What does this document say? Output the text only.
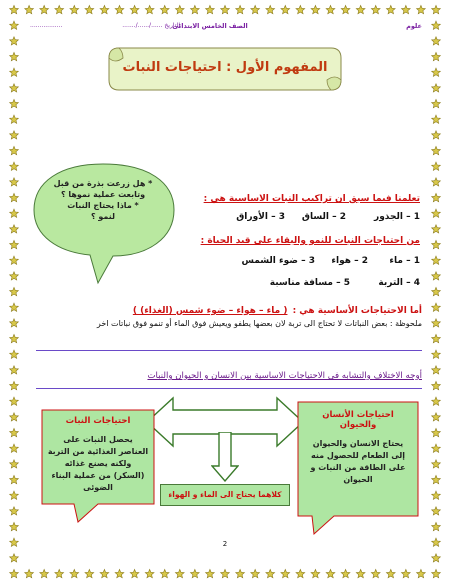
علوم
الصف الخامس الابتدائى
التاريخ ....../....../.......
.................
المفهوم الأول : احتياجات النبات
* هل زرعت بذرة من قبل
وتابعت عملية نموها ؟
* ماذا يحتاج النبات
لنمو ؟
تعلمنا فيما سبق ان تراكيب النبات الاساسية هي :
1 – الجذور
2 – الساق
3 – الأوراق
من احتياجات النبات للنمو والبقاء على قيد الحياة :
1 – ماء
2 – هواء
3 – ضوء الشمس
4 – التربة
5 – مسافة مناسبة
أما الاحتياجات الأساسية هي : ( ماء – هواء – ضوء شمس (الغذاء) )
ملحوظة : بعض النباتات لا تحتاج الى تربة لان بعضها يطفو ويعيش فوق الماء أو تنمو فوق نباتات اخر
أوجه الاختلاف والتشابه فى الاحتياجات الاساسية بين الانسان و الحيوان والنبات
احتياجات النبات
يحصل النبات على
العناصر الغذائية من التربة
ولكنه يصنع غذائه
(السكر) من عملية البناء
الضوئى
احتياجات الأنسان
والحيوان
يحتاج الانسان والحيوان
إلى الطعام للحصول منه
على الطاقة من النبات و
الحيوان
كلاهما يحتاج الى الماء و الهواء
2
